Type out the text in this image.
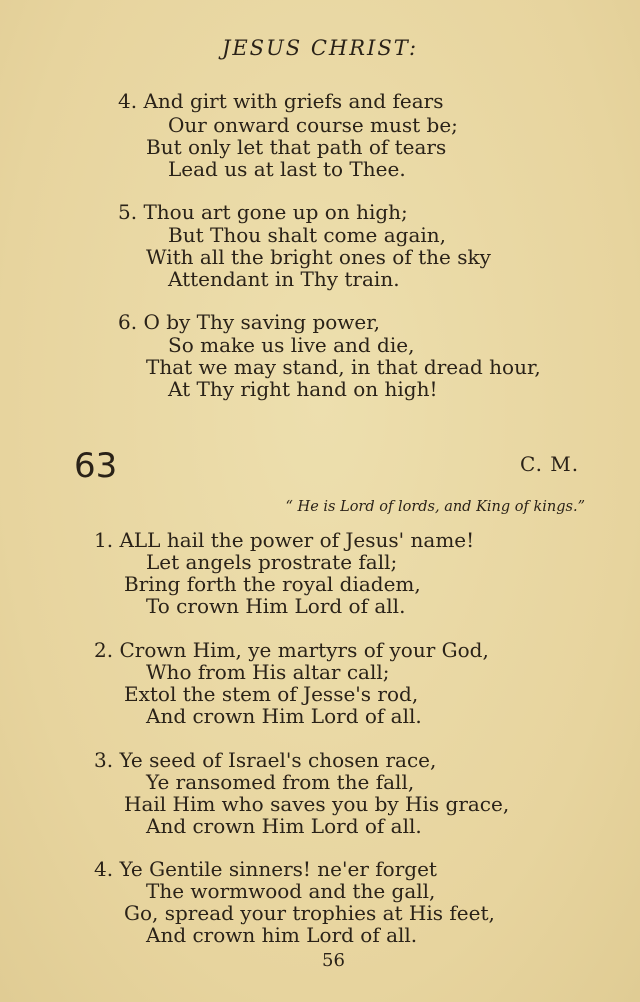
JESUS CHRIST:
4. And girt with griefs and fears
Our onward course must be;
But only let that path of tears
Lead us at last to Thee.
5. Thou art gone up on high;
But Thou shalt come again,
With all the bright ones of the sky
Attendant in Thy train.
6. O by Thy saving power,
So make us live and die,
That we may stand, in that dread hour,
At Thy right hand on high!
63	C. M.
“ He is Lord of lords, and King of kings.”
1. ALL hail the power of Jesus' name!
Let angels prostrate fall;
Bring forth the royal diadem,
To crown Him Lord of all.
2. Crown Him, ye martyrs of your God,
Who from His altar call;
Extol the stem of Jesse's rod,
And crown Him Lord of all.
3. Ye seed of Israel's chosen race,
Ye ransomed from the fall,
Hail Him who saves you by His grace,
And crown Him Lord of all.
4. Ye Gentile sinners! ne'er forget
The wormwood and the gall,
Go, spread your trophies at His feet,
And crown him Lord of all.
56
